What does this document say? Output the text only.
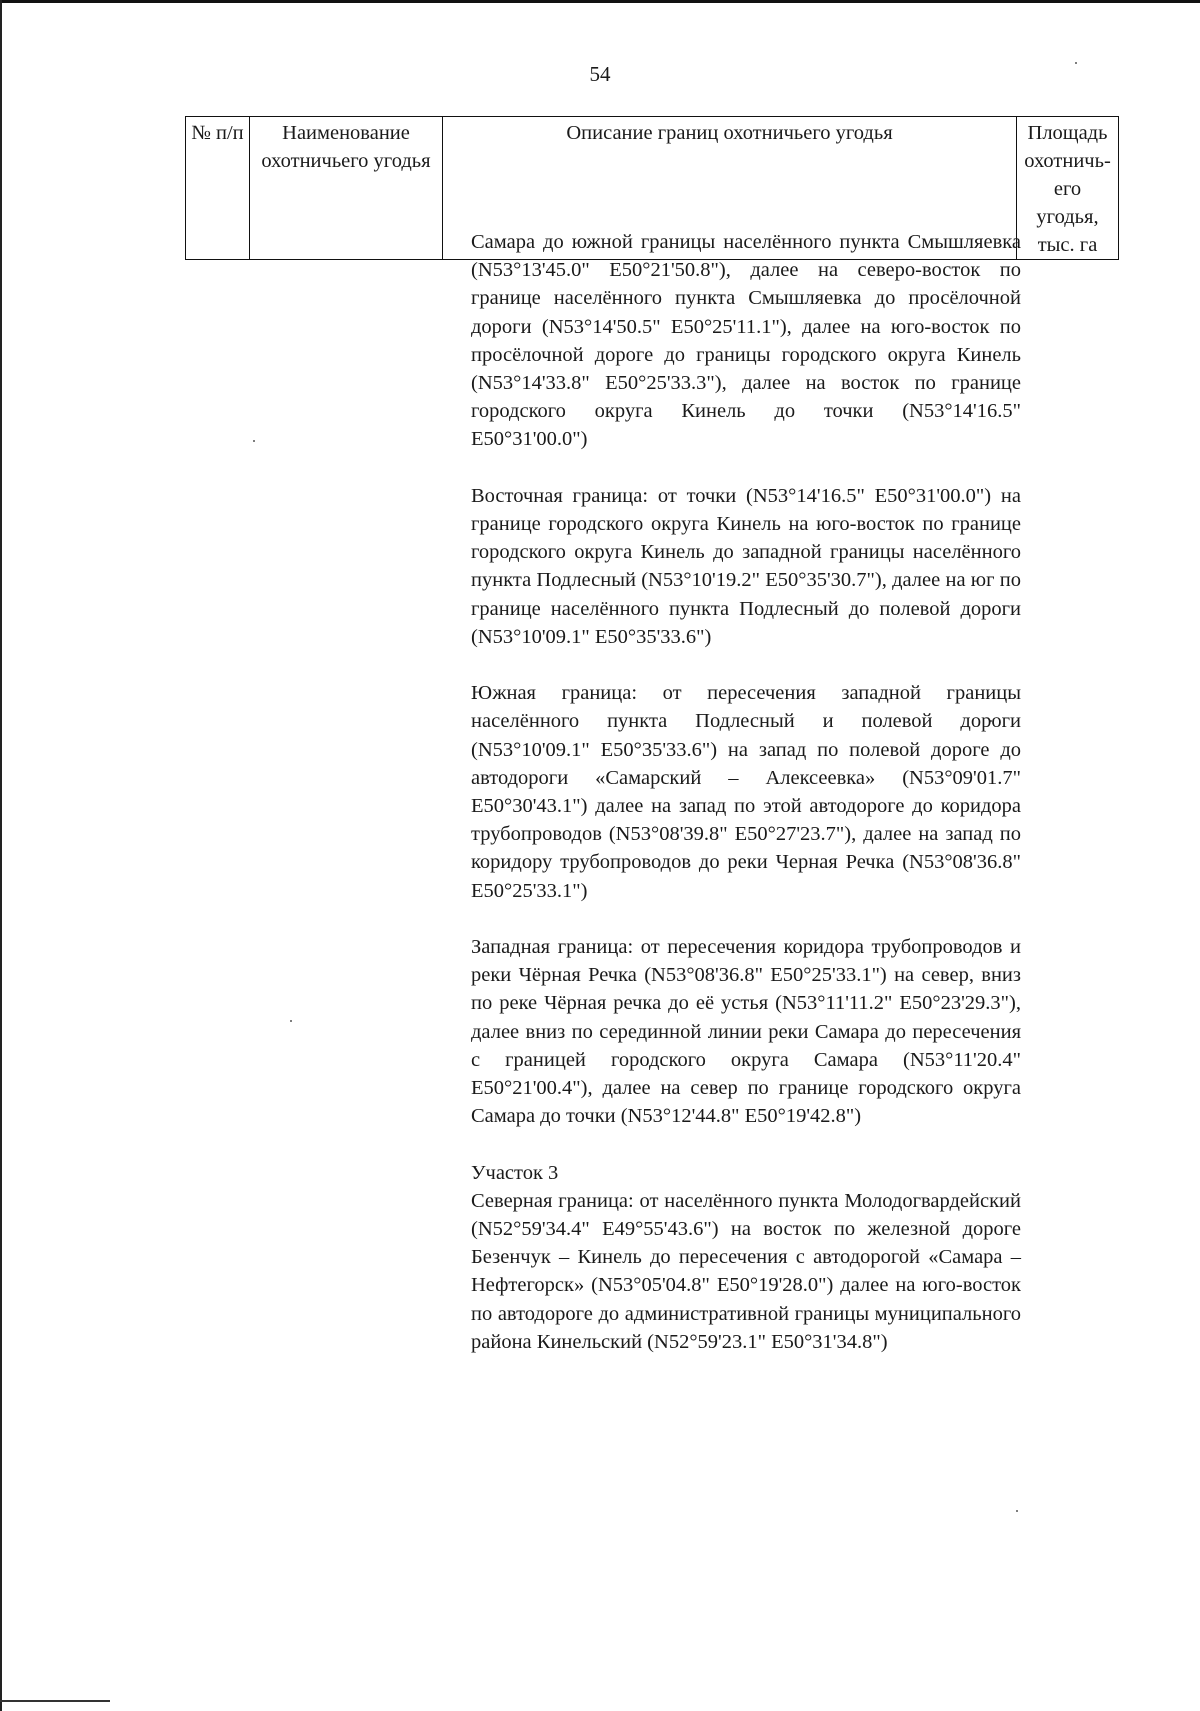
54
№ п/п	Наименование охотничьего угодья	Описание границ охотничьего угодья	Площадь охотничь-его угодья, тыс. га

Самара до южной границы населённого пункта Смышляевка (N53°13'45.0" E50°21'50.8"), далее на северо-восток по границе населённого пункта Смышляевка до просёлочной дороги (N53°14'50.5" E50°25'11.1"), далее на юго-восток по просёлочной дороге до границы городского округа Кинель (N53°14'33.8" E50°25'33.3"), далее на восток по границе городского округа Кинель до точки (N53°14'16.5" E50°31'00.0")

Восточная граница: от точки (N53°14'16.5" E50°31'00.0") на границе городского округа Кинель на юго-восток по границе городского округа Кинель до западной границы населённого пункта Подлесный (N53°10'19.2" E50°35'30.7"), далее на юг по границе населённого пункта Подлесный до полевой дороги (N53°10'09.1" E50°35'33.6")

Южная граница: от пересечения западной границы населённого пункта Подлесный и полевой дороги (N53°10'09.1" E50°35'33.6") на запад по полевой дороге до автодороги «Самарский – Алексеевка» (N53°09'01.7" E50°30'43.1") далее на запад по этой автодороге до коридора трубопроводов (N53°08'39.8" E50°27'23.7"), далее на запад по коридору трубопроводов до реки Черная Речка (N53°08'36.8" E50°25'33.1")

Западная граница: от пересечения коридора трубопроводов и реки Чёрная Речка (N53°08'36.8" E50°25'33.1") на север, вниз по реке Чёрная речка до её устья (N53°11'11.2" E50°23'29.3"), далее вниз по серединной линии реки Самара до пересечения с границей городского округа Самара (N53°11'20.4" E50°21'00.4"), далее на север по границе городского округа Самара до точки (N53°12'44.8" E50°19'42.8")

Участок 3

Северная граница: от населённого пункта Молодогвардейский (N52°59'34.4" E49°55'43.6") на восток по железной дороге Безенчук – Кинель до пересечения с автодорогой «Самара – Нефтегорск» (N53°05'04.8" E50°19'28.0") далее на юго-восток по автодороге до административной границы муниципального района Кинельский (N52°59'23.1" E50°31'34.8")
